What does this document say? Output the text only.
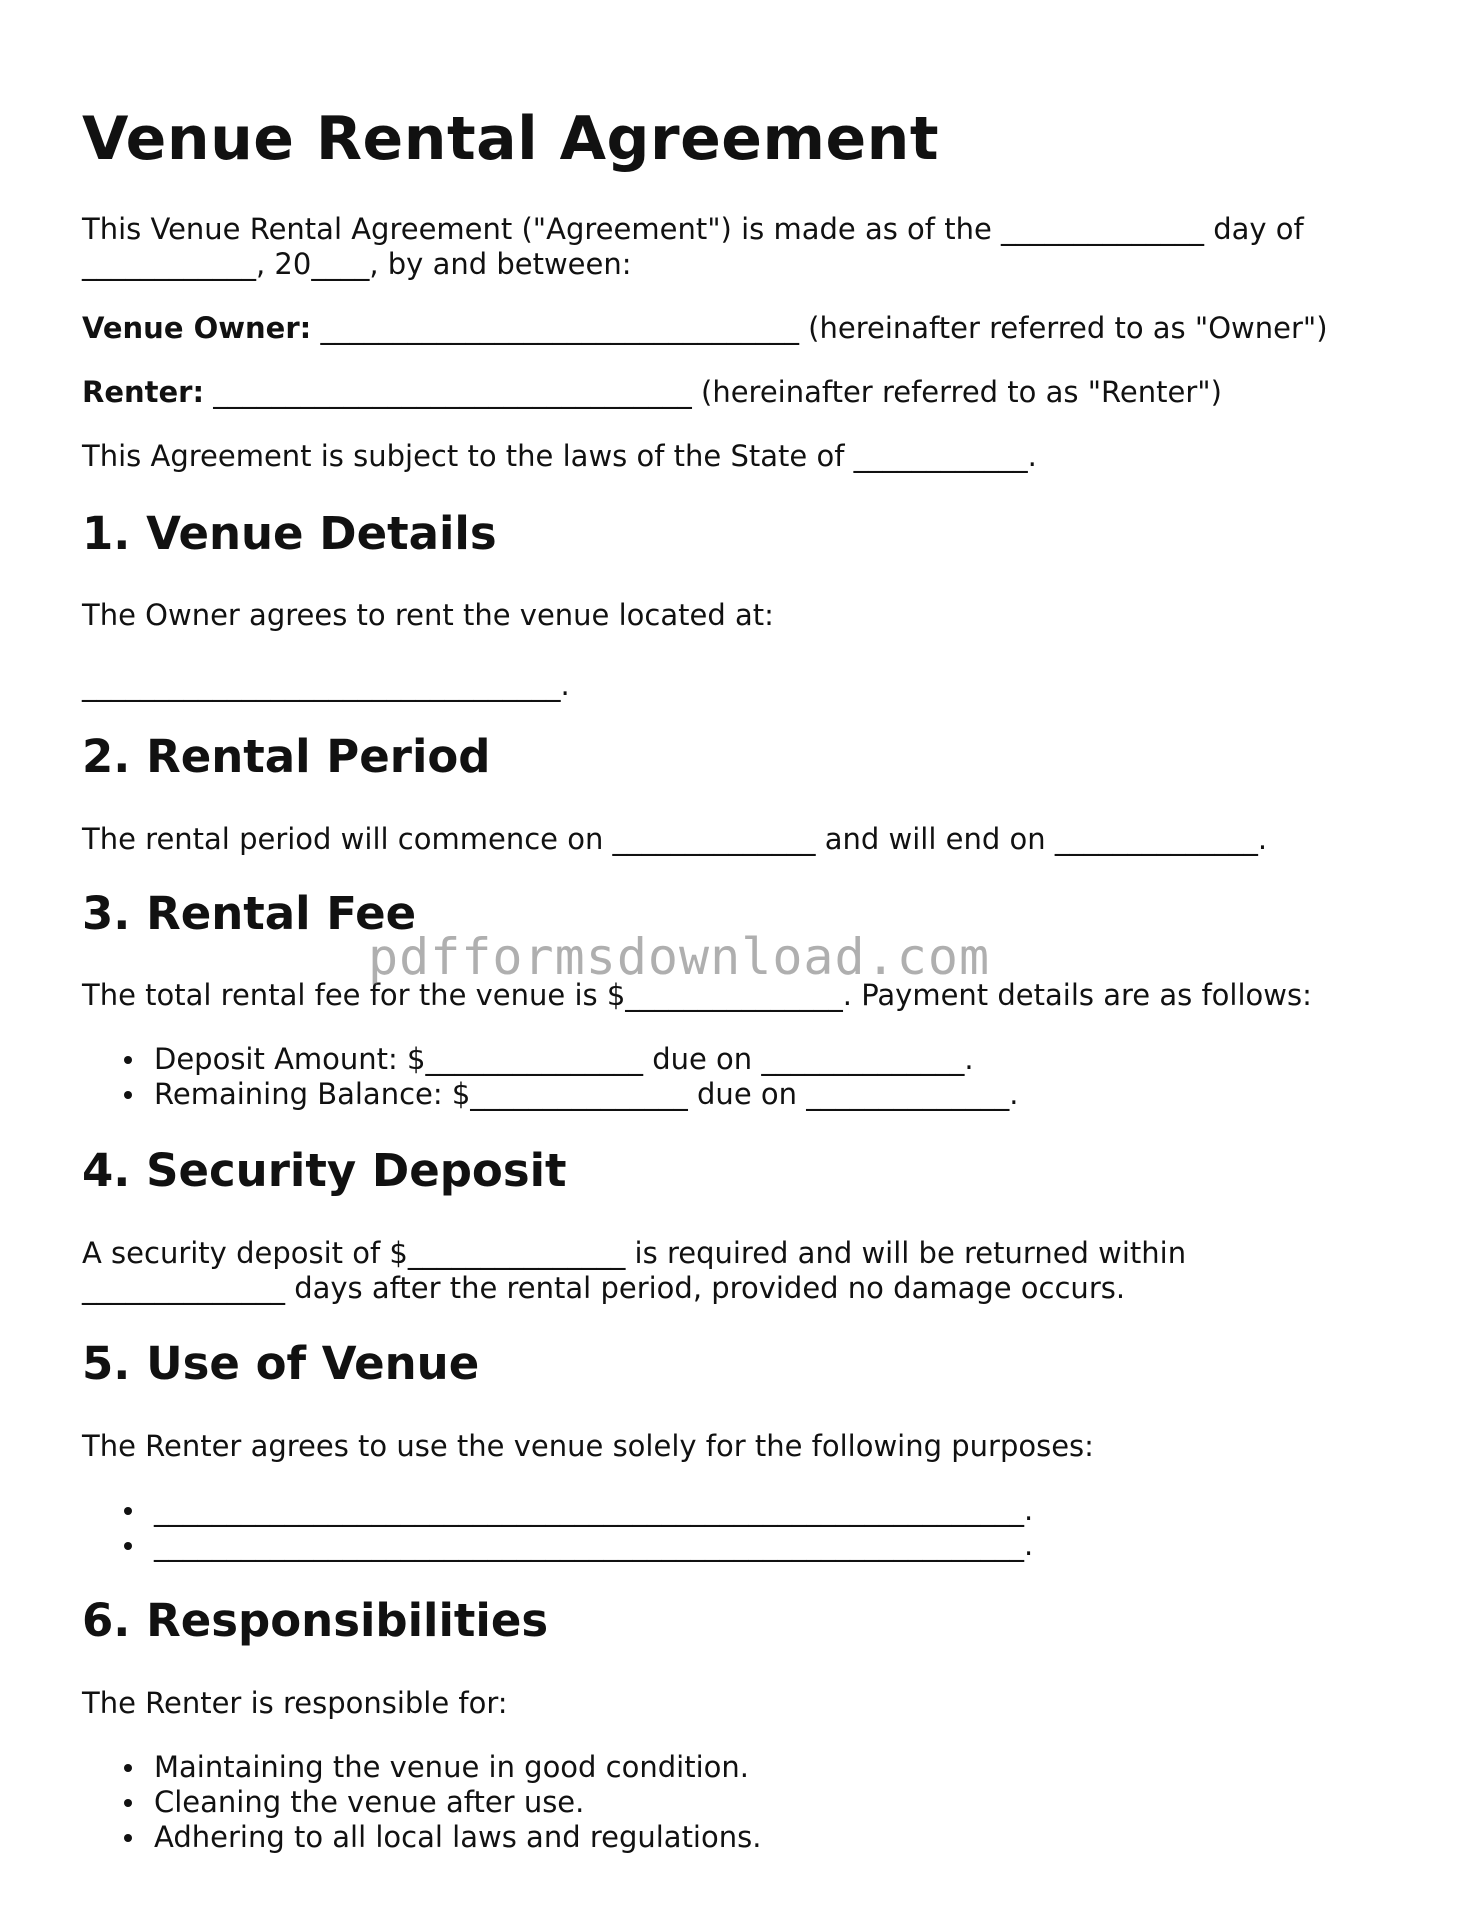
Venue Rental Agreement

This Venue Rental Agreement ("Agreement") is made as of the ______________ day of

____________, 20____, by and between:

Venue Owner: _________________________________ (hereinafter referred to as "Owner")

Renter: _________________________________ (hereinafter referred to as "Renter")

This Agreement is subject to the laws of the State of ____________.

1. Venue Details

The Owner agrees to rent the venue located at:

_________________________________.

2. Rental Period

The rental period will commence on ______________ and will end on ______________.

3. Rental Fee

The total rental fee for the venue is $_______________. Payment details are as follows:

Deposit Amount: $_______________ due on ______________.
Remaining Balance: $_______________ due on ______________.
4. Security Deposit

A security deposit of $_______________ is required and will be returned within

______________ days after the rental period, provided no damage occurs.

5. Use of Venue

The Renter agrees to use the venue solely for the following purposes:

____________________________________________________________.
____________________________________________________________.
6. Responsibilities

The Renter is responsible for:

Maintaining the venue in good condition.
Cleaning the venue after use.
Adhering to all local laws and regulations.
pdfformsdownload.com
